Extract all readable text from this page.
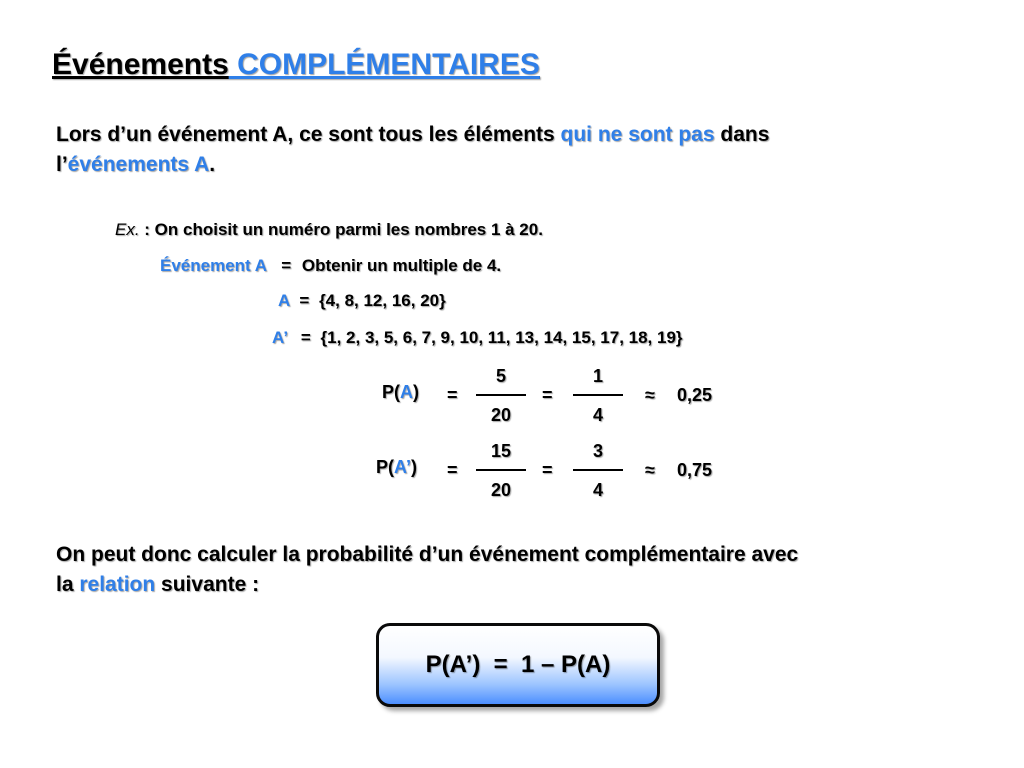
Événements COMPLÉMENTAIRES
Lors d’un événement A, ce sont tous les éléments qui ne sont pas dans
l’événements A.
Ex. : On choisit un numéro parmi les nombres 1 à 20.
Événement A = Obtenir un multiple de 4.
A = {4, 8, 12, 16, 20}
A’ = {1, 2, 3, 5, 6, 7, 9, 10, 11, 13, 14, 15, 17, 18, 19}
P(A) =
5
20
=
1
4
≈ 0,25
P(A’) =
15
20
=
3
4
≈ 0,75
On peut donc calculer la probabilité d’un événement complémentaire avec
la relation suivante :
P(A’)  =  1 – P(A)
